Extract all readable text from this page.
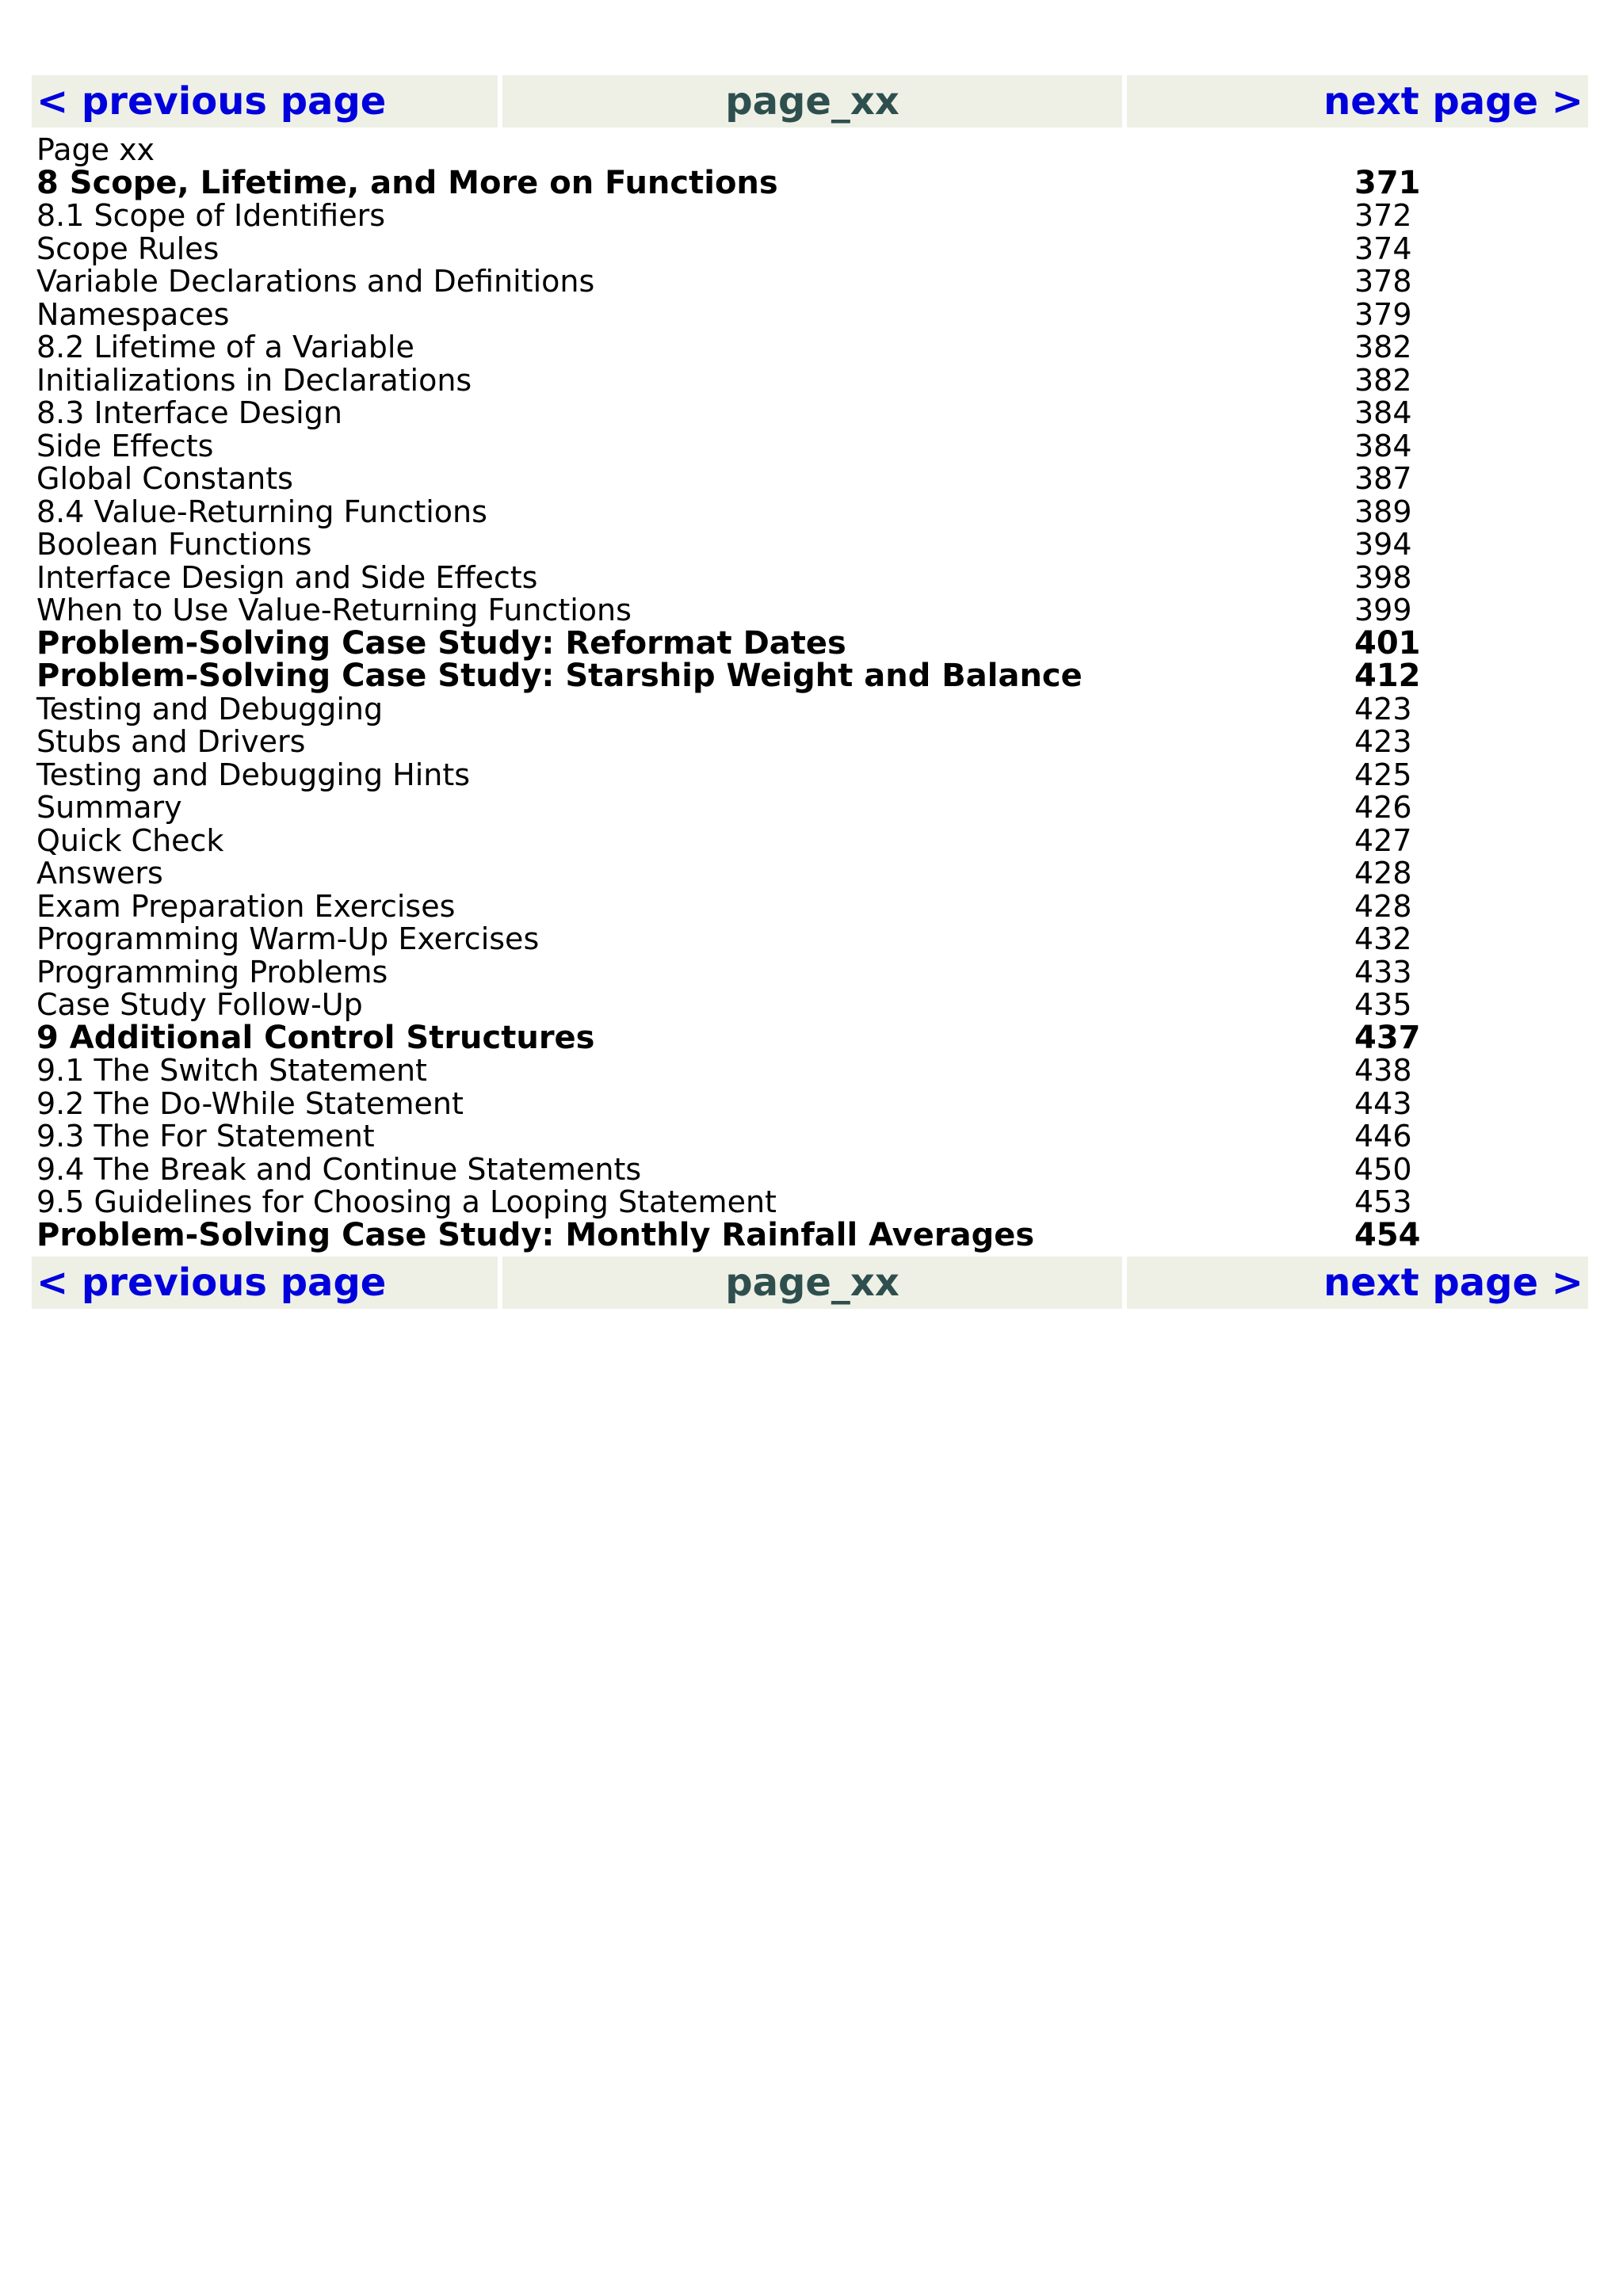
< previous page	page_xx	next page >
Page xx
8 Scope, Lifetime, and More on Functions	371
8.1 Scope of Identifiers	372
Scope Rules	374
Variable Declarations and Definitions	378
Namespaces	379
8.2 Lifetime of a Variable	382
Initializations in Declarations	382
8.3 Interface Design	384
Side Effects	384
Global Constants	387
8.4 Value-Returning Functions	389
Boolean Functions	394
Interface Design and Side Effects	398
When to Use Value-Returning Functions	399
Problem-Solving Case Study: Reformat Dates	401
Problem-Solving Case Study: Starship Weight and Balance	412
Testing and Debugging	423
Stubs and Drivers	423
Testing and Debugging Hints	425
Summary	426
Quick Check	427
Answers	428
Exam Preparation Exercises	428
Programming Warm-Up Exercises	432
Programming Problems	433
Case Study Follow-Up	435
9 Additional Control Structures	437
9.1 The Switch Statement	438
9.2 The Do-While Statement	443
9.3 The For Statement	446
9.4 The Break and Continue Statements	450
9.5 Guidelines for Choosing a Looping Statement	453
Problem-Solving Case Study: Monthly Rainfall Averages	454
< previous page	page_xx	next page >
